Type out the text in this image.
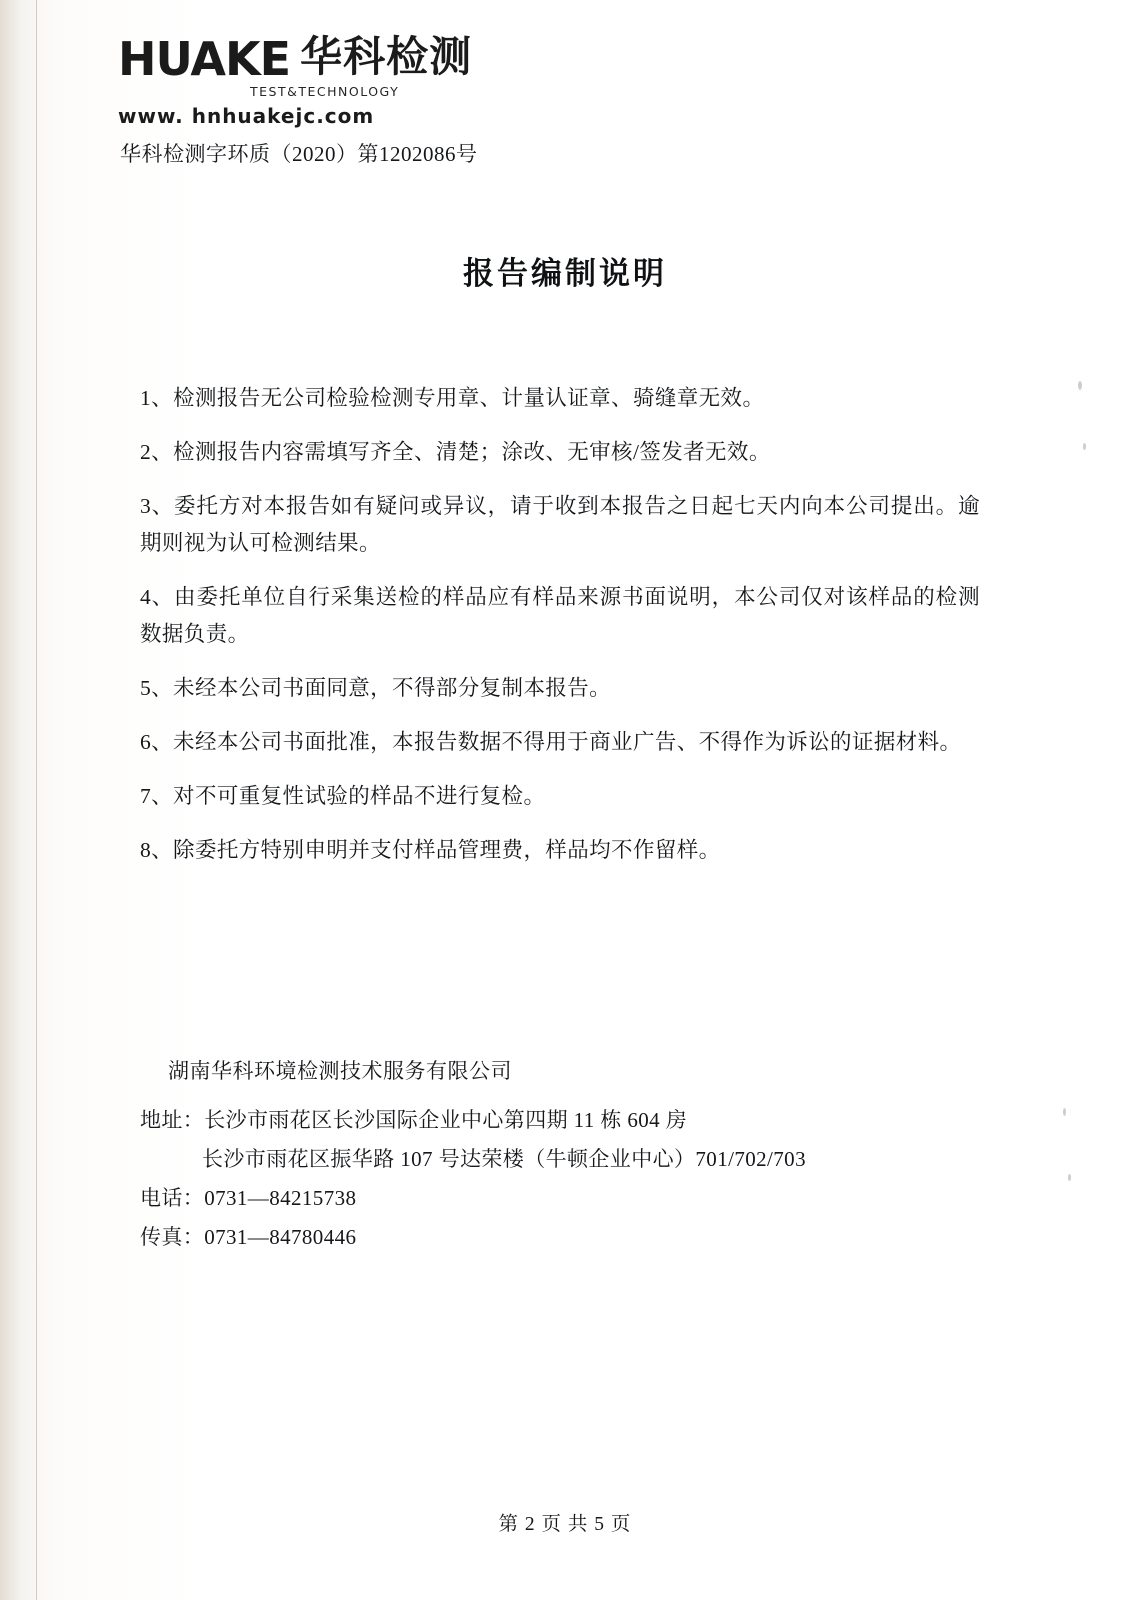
HUAKE 华科检测
TEST&TECHNOLOGY
www. hnhuakejc.com
华科检测字环质（2020）第1202086号
报告编制说明
1、检测报告无公司检验检测专用章、计量认证章、骑缝章无效。
2、检测报告内容需填写齐全、清楚；涂改、无审核/签发者无效。
3、委托方对本报告如有疑问或异议，请于收到本报告之日起七天内向本公司提出。逾期则视为认可检测结果。
4、由委托单位自行采集送检的样品应有样品来源书面说明，本公司仅对该样品的检测数据负责。
5、未经本公司书面同意，不得部分复制本报告。
6、未经本公司书面批准，本报告数据不得用于商业广告、不得作为诉讼的证据材料。
7、对不可重复性试验的样品不进行复检。
8、除委托方特别申明并支付样品管理费，样品均不作留样。
湖南华科环境检测技术服务有限公司
地址：长沙市雨花区长沙国际企业中心第四期 11 栋 604 房
长沙市雨花区振华路 107 号达荣楼（牛顿企业中心）701/702/703
电话：0731—84215738
传真：0731—84780446
第 2 页 共 5 页
